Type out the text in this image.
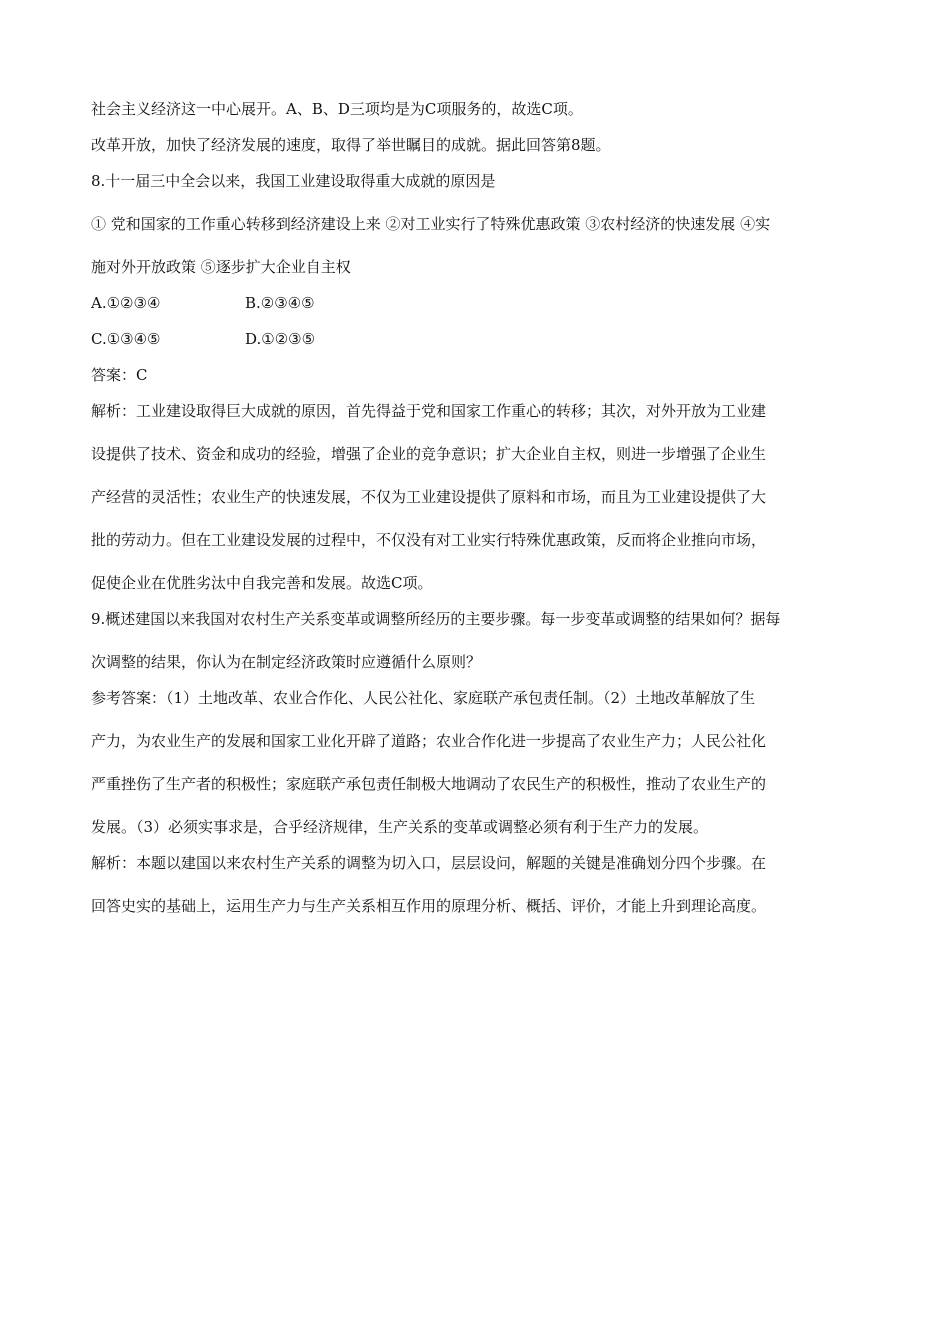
社会主义经济这一中心展开。A、B、D三项均是为C项服务的，故选C项。

改革开放，加快了经济发展的速度，取得了举世瞩目的成就。据此回答第8题。

8.十一届三中全会以来，我国工业建设取得重大成就的原因是

① 党和国家的工作重心转移到经济建设上来 ②对工业实行了特殊优惠政策 ③农村经济的快速发展 ④实

施对外开放政策 ⑤逐步扩大企业自主权

A.①②③④	B.②③④⑤
C.①③④⑤	D.①②③⑤

答案：C

解析：工业建设取得巨大成就的原因，首先得益于党和国家工作重心的转移；其次，对外开放为工业建

设提供了技术、资金和成功的经验，增强了企业的竞争意识；扩大企业自主权，则进一步增强了企业生

产经营的灵活性；农业生产的快速发展，不仅为工业建设提供了原料和市场，而且为工业建设提供了大

批的劳动力。但在工业建设发展的过程中，不仅没有对工业实行特殊优惠政策，反而将企业推向市场，

促使企业在优胜劣汰中自我完善和发展。故选C项。

9.概述建国以来我国对农村生产关系变革或调整所经历的主要步骤。每一步变革或调整的结果如何？据每

次调整的结果，你认为在制定经济政策时应遵循什么原则？

参考答案：（1）土地改革、农业合作化、人民公社化、家庭联产承包责任制。（2）土地改革解放了生

产力，为农业生产的发展和国家工业化开辟了道路；农业合作化进一步提高了农业生产力；人民公社化

严重挫伤了生产者的积极性；家庭联产承包责任制极大地调动了农民生产的积极性，推动了农业生产的

发展。（3）必须实事求是，合乎经济规律，生产关系的变革或调整必须有利于生产力的发展。

解析：本题以建国以来农村生产关系的调整为切入口，层层设问，解题的关键是准确划分四个步骤。在

回答史实的基础上，运用生产力与生产关系相互作用的原理分析、概括、评价，才能上升到理论高度。
